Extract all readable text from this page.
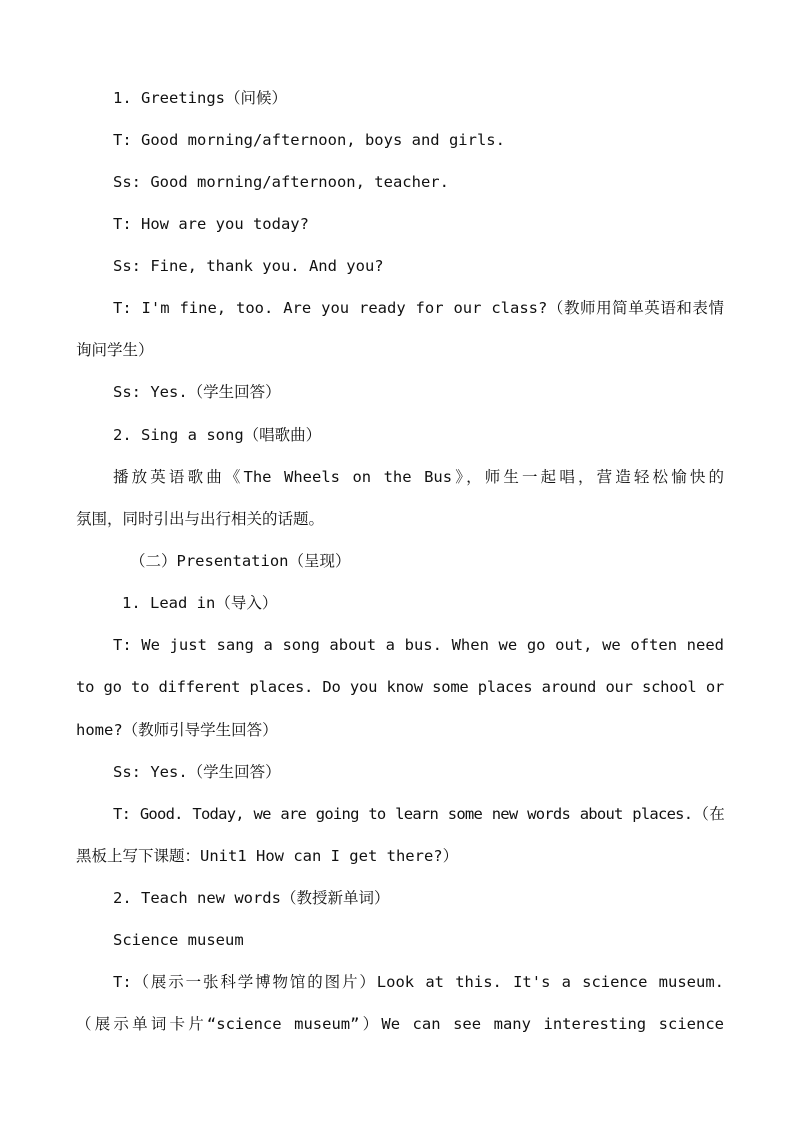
1. Greetings（问候）
T: Good morning/afternoon, boys and girls.
Ss: Good morning/afternoon, teacher.
T: How are you today?
Ss: Fine, thank you. And you?
T: I'm fine, too. Are you ready for our class?（教师用简单英语和表情
询问学生）
Ss: Yes.（学生回答）
2. Sing a song（唱歌曲）
播放英语歌曲《The Wheels on the Bus》，师生一起唱，营造轻松愉快的
氛围，同时引出与出行相关的话题。
（二）Presentation（呈现）
1. Lead in（导入）
T: We just sang a song about a bus. When we go out, we often need
to go to different places. Do you know some places around our school or
home?（教师引导学生回答）
Ss: Yes.（学生回答）
T: Good. Today, we are going to learn some new words about places.（在
黑板上写下课题：Unit1 How can I get there?）
2. Teach new words（教授新单词）
Science museum
T:（展示一张科学博物馆的图片）Look at this. It's a science museum.
（展示单词卡片“science museum”）We can see many interesting science
